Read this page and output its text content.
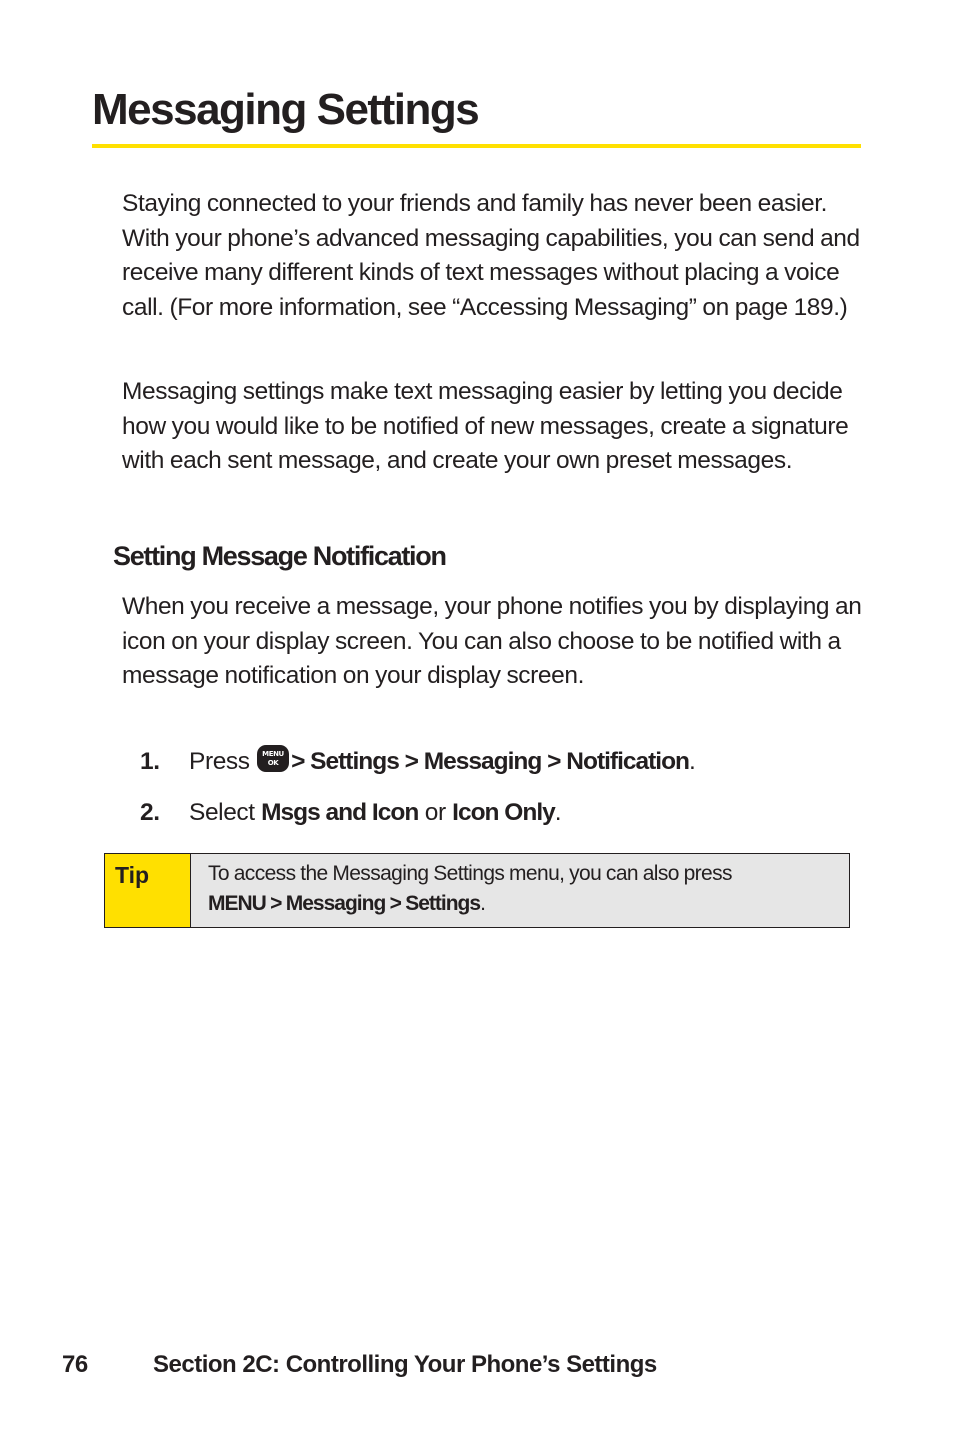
Messaging Settings

Staying connected to your friends and family has never been easier. With your phone’s advanced messaging capabilities, you can send and receive many different kinds of text messages without placing a voice call. (For more information, see “Accessing Messaging” on page 189.)

Messaging settings make text messaging easier by letting you decide how you would like to be notified of new messages, create a signature with each sent message, and create your own preset messages.

Setting Message Notification

When you receive a message, your phone notifies you by displaying an icon on your display screen. You can also choose to be notified with a message notification on your display screen.

1. Press MENU
OK > Settings > Messaging > Notification.
2. Select Msgs and Icon or Icon Only.
Tip	To access the Messaging Settings menu, you can also press
MENU > Messaging > Settings.
76	Section 2C: Controlling Your Phone’s Settings
